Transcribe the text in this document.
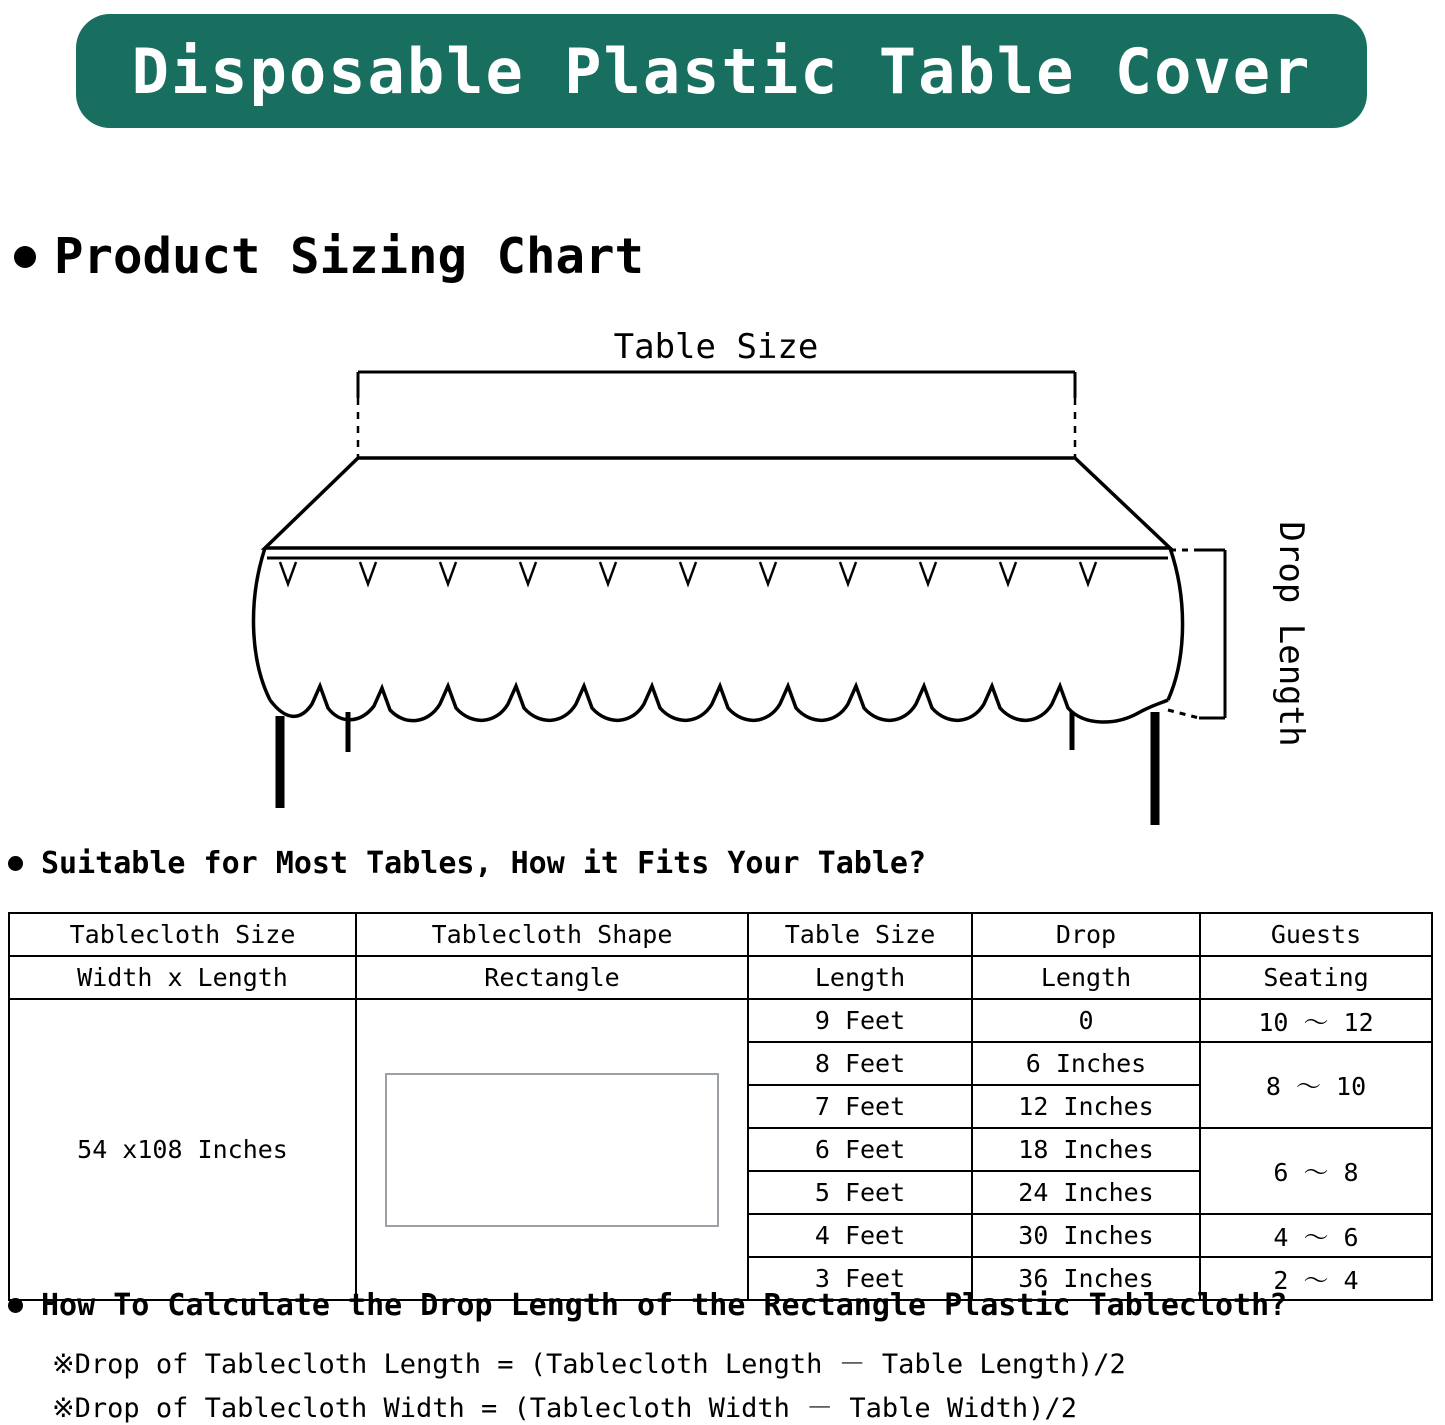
Disposable Plastic Table Cover
Product Sizing Chart
Table Size
Drop Length
Suitable for Most Tables, How it Fits Your Table?
Tablecloth Size	Tablecloth Shape	Table Size	Drop	Guests
Width x Length	Rectangle	Length	Length	Seating
54 x108 Inches		9 Feet	0	10 ～ 12
		8 Feet	6 Inches	8 ～ 10
		7 Feet	12 Inches	
		6 Feet	18 Inches	6 ～ 8
		5 Feet	24 Inches	
		4 Feet	30 Inches	4 ～ 6
		3 Feet	36 Inches	2 ～ 4
How To Calculate the Drop Length of the Rectangle Plastic Tablecloth?
※Drop of Tablecloth Length = (Tablecloth Length － Table Length)/2
※Drop of Tablecloth Width = (Tablecloth Width － Table Width)/2
